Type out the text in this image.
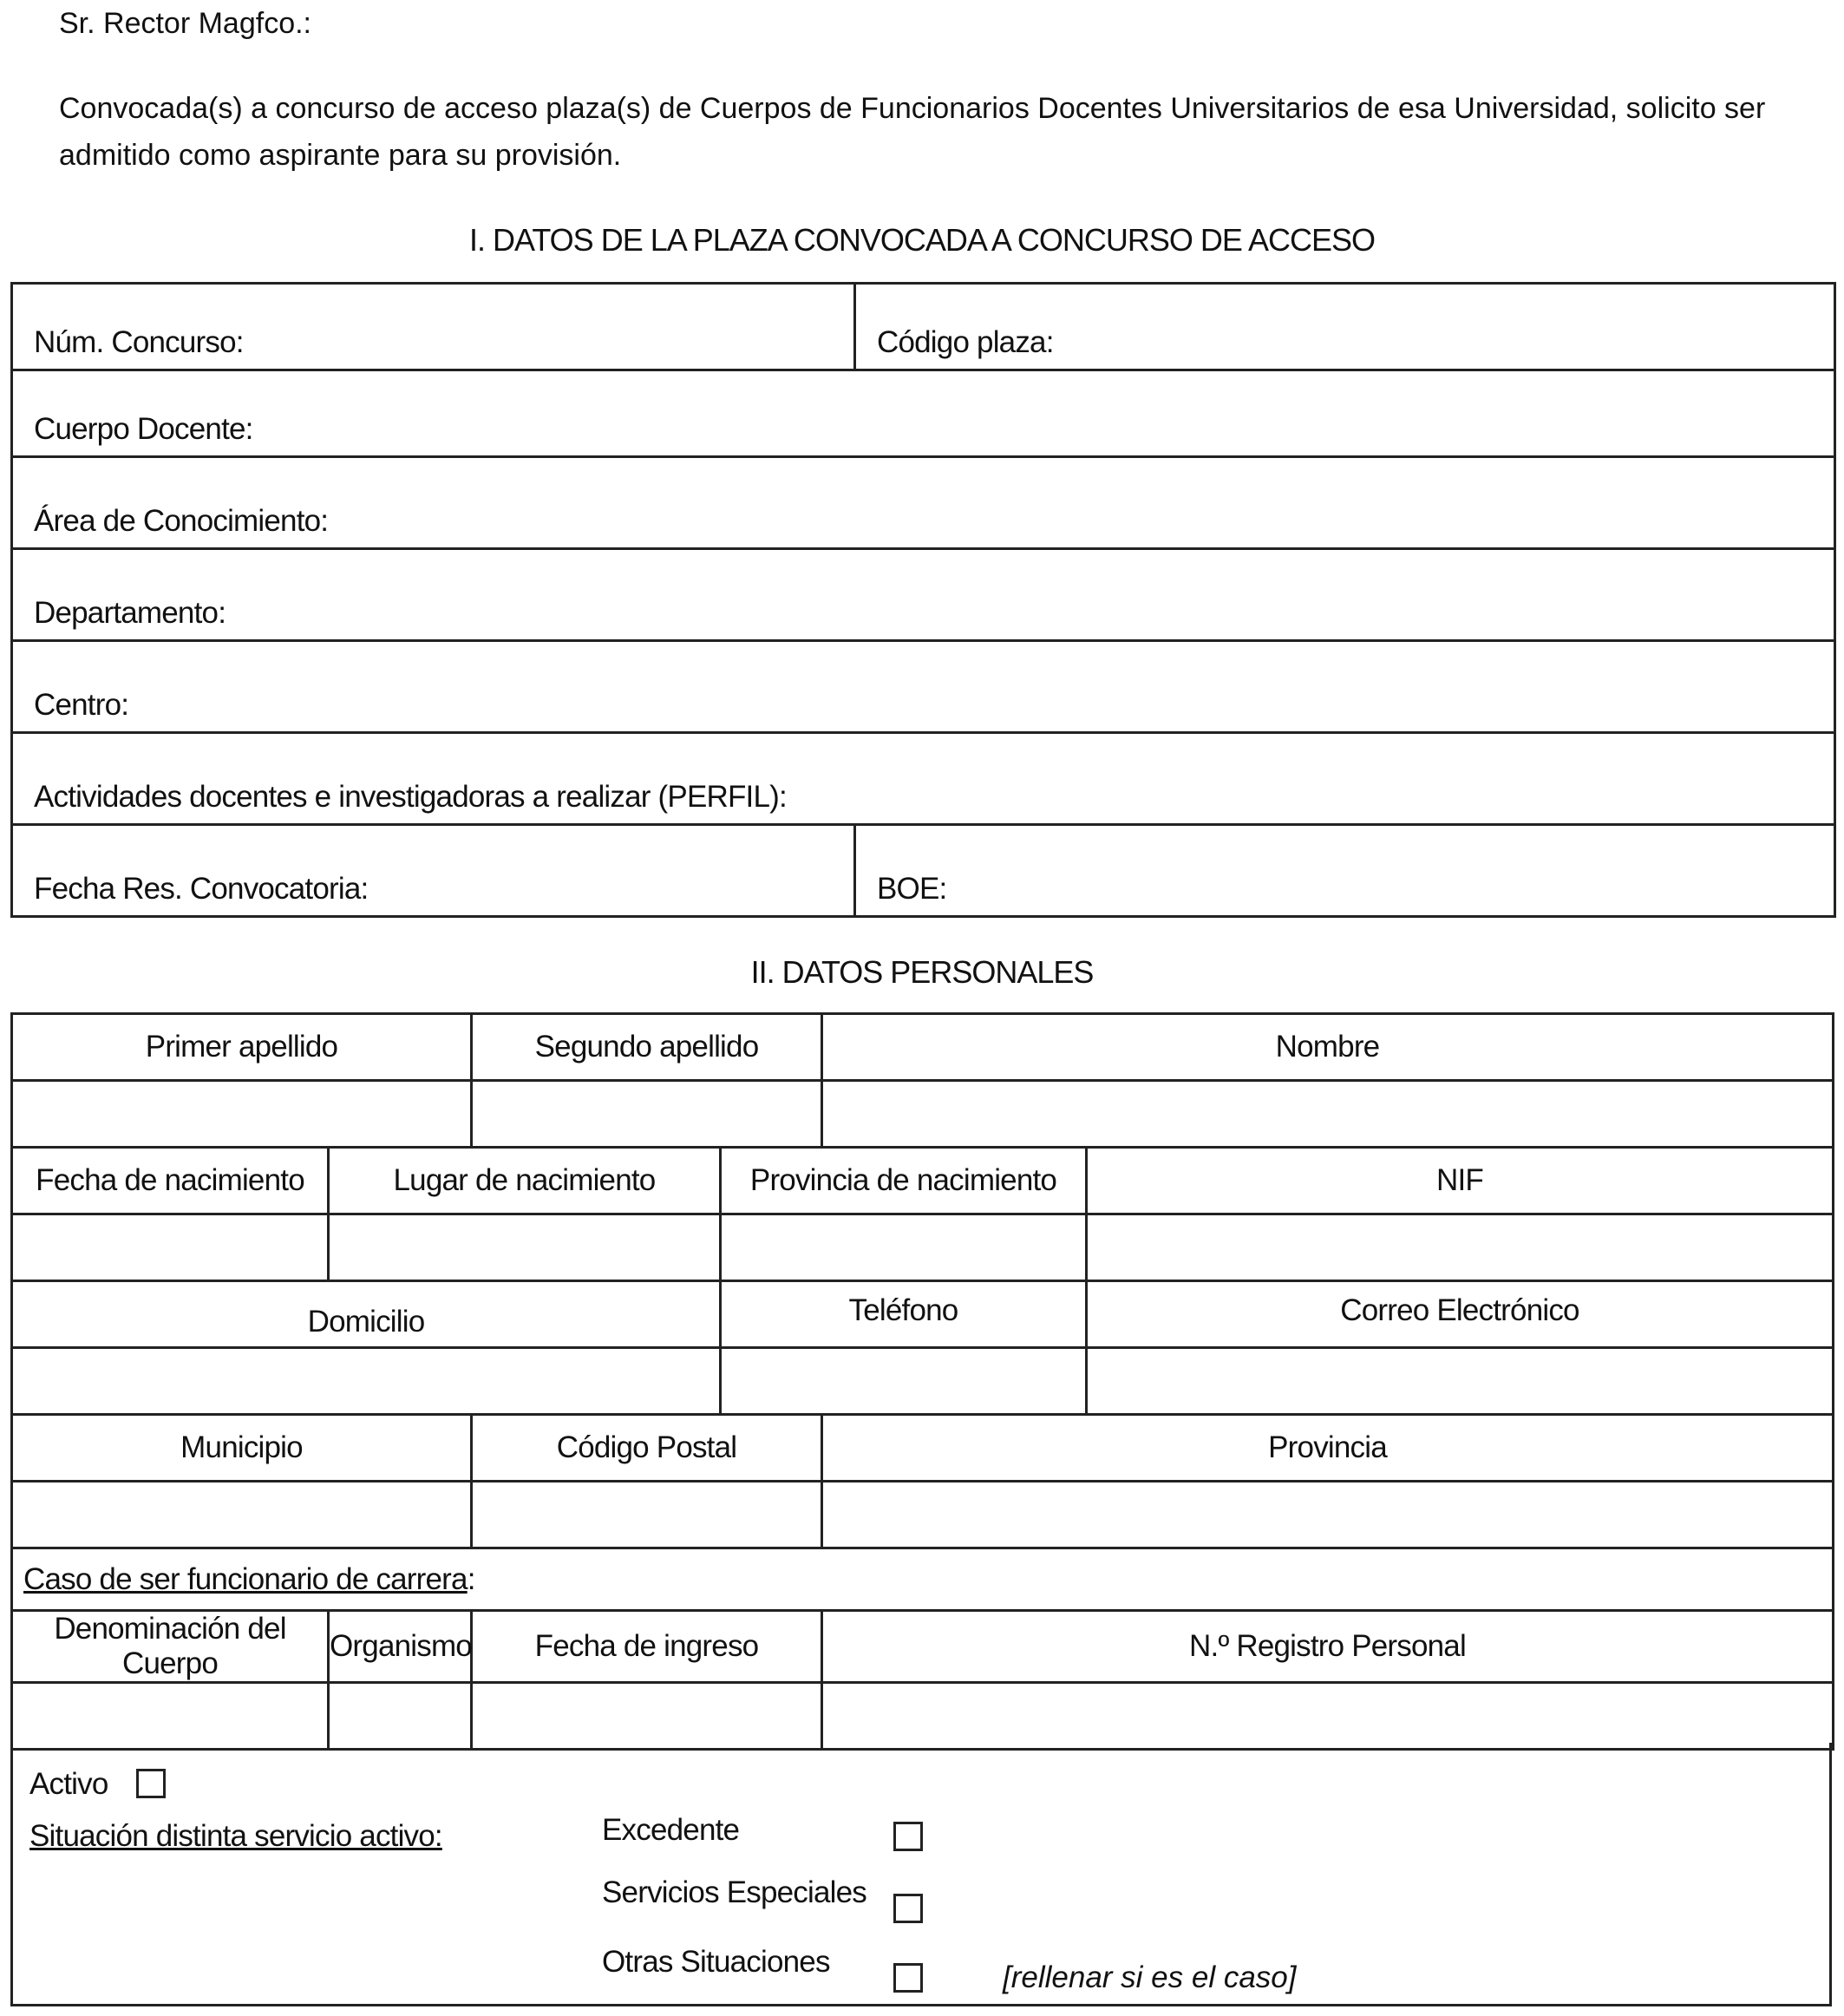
Sr. Rector Magfco.:
Convocada(s) a concurso de acceso plaza(s) de Cuerpos de Funcionarios Docentes Universitarios de esa Universidad, solicito ser admitido como aspirante para su provisión.
I. DATOS DE LA PLAZA CONVOCADA A CONCURSO DE ACCESO
Núm. Concurso:	Código plaza:
Cuerpo Docente:	
Área de Conocimiento:	
Departamento:	
Centro:	
Actividades docentes e investigadoras a realizar (PERFIL):	
Fecha Res. Convocatoria:	BOE:
II. DATOS PERSONALES
Primer apellido		Segundo apellido		Nombre	

Fecha de nacimiento	Lugar de nacimiento		Provincia de nacimiento		NIF

Domicilio			Teléfono		Correo Electrónico

Municipio		Código Postal		Provincia	

Caso de ser funcionario de carrera:					
Denominación del Cuerpo	Organismo	Fecha de ingreso		N.º Registro Personal	

Activo
Situación distinta servicio activo:	Excedente
Servicios Especiales
Otras Situaciones	[rellenar si es el caso]
